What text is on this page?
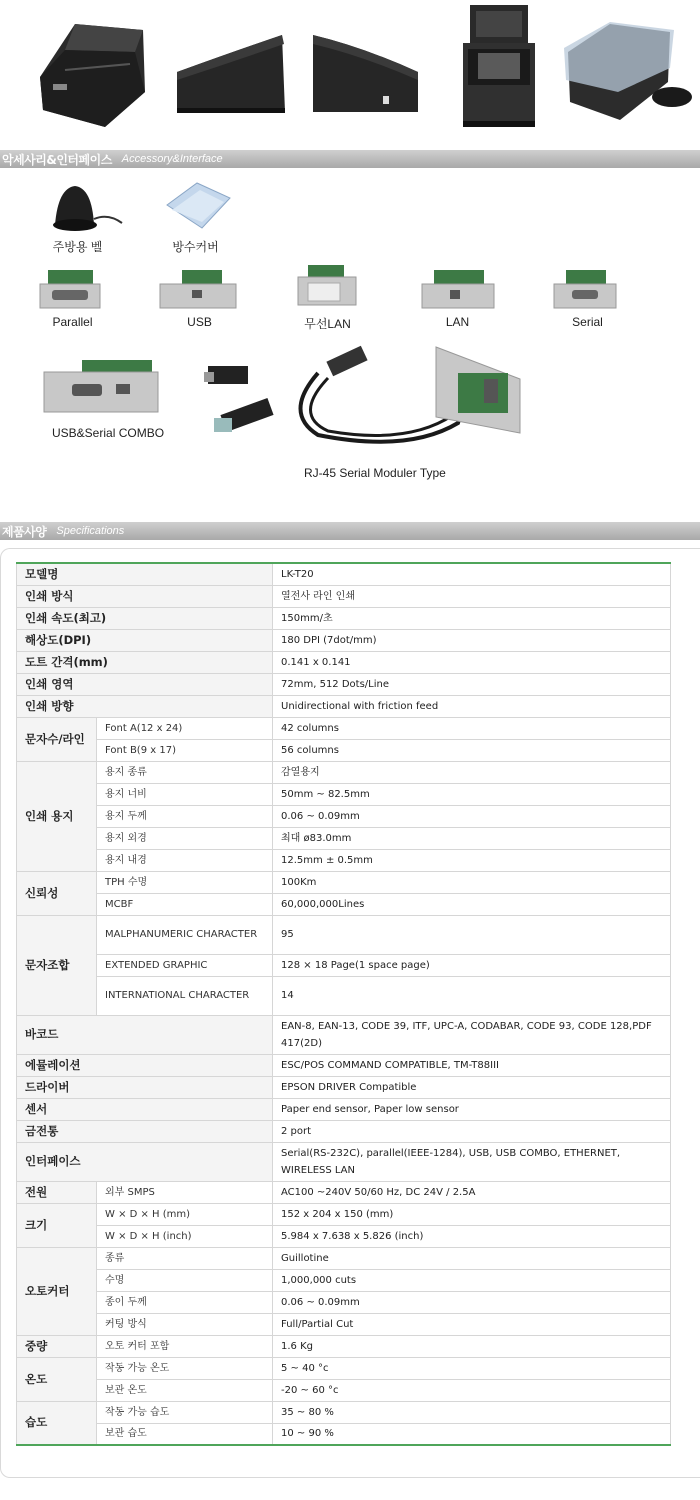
악세사리&인터페이스 Accessory&Interface
주방용 벨	방수커버
Parallel	USB	무선LAN	LAN	Serial
USB&Serial COMBO
RJ-45 Serial Moduler Type
제품사양 Specifications
모델명		LK-T20
인쇄 방식		열전사 라인 인쇄
인쇄 속도(최고)		150mm/초
해상도(DPI)		180 DPI (7dot/mm)
도트 간격(mm)		0.141 x 0.141
인쇄 영역		72mm, 512 Dots/Line
인쇄 방향		Unidirectional with friction feed
문자수/라인	Font A(12 x 24)	42 columns
	Font B(9 x 17)	56 columns
인쇄 용지	용지 종류	감열용지
	용지 너비	50mm ~ 82.5mm
	용지 두께	0.06 ~ 0.09mm
	용지 외경	최대 ø83.0mm
	용지 내경	12.5mm ± 0.5mm
신뢰성	TPH 수명	100Km
	MCBF	60,000,000Lines
문자조합	MALPHANUMERIC CHARACTER	95
	EXTENDED GRAPHIC	128 × 18 Page(1 space page)
	INTERNATIONAL CHARACTER	14
바코드		EAN-8, EAN-13, CODE 39, ITF, UPC-A, CODABAR, CODE 93, CODE 128,PDF 417(2D)
에뮬레이션		ESC/POS COMMAND COMPATIBLE, TM-T88III
드라이버		EPSON DRIVER Compatible
센서		Paper end sensor, Paper low sensor
금전통		2 port
인터페이스		Serial(RS-232C), parallel(IEEE-1284), USB, USB COMBO, ETHERNET, WIRELESS LAN
전원	외부 SMPS	AC100 ~240V 50/60 Hz, DC 24V / 2.5A
크기	W × D × H (mm)	152 x 204 x 150 (mm)
	W × D × H (inch)	5.984 x 7.638 x 5.826 (inch)
오토커터	종류	Guillotine
	수명	1,000,000 cuts
	종이 두께	0.06 ~ 0.09mm
	커팅 방식	Full/Partial Cut
중량	오토 커터 포함	1.6 Kg
온도	작동 가능 온도	5 ~ 40 °c
	보관 온도	-20 ~ 60 °c
습도	작동 가능 습도	35 ~ 80 %
	보관 습도	10 ~ 90 %
